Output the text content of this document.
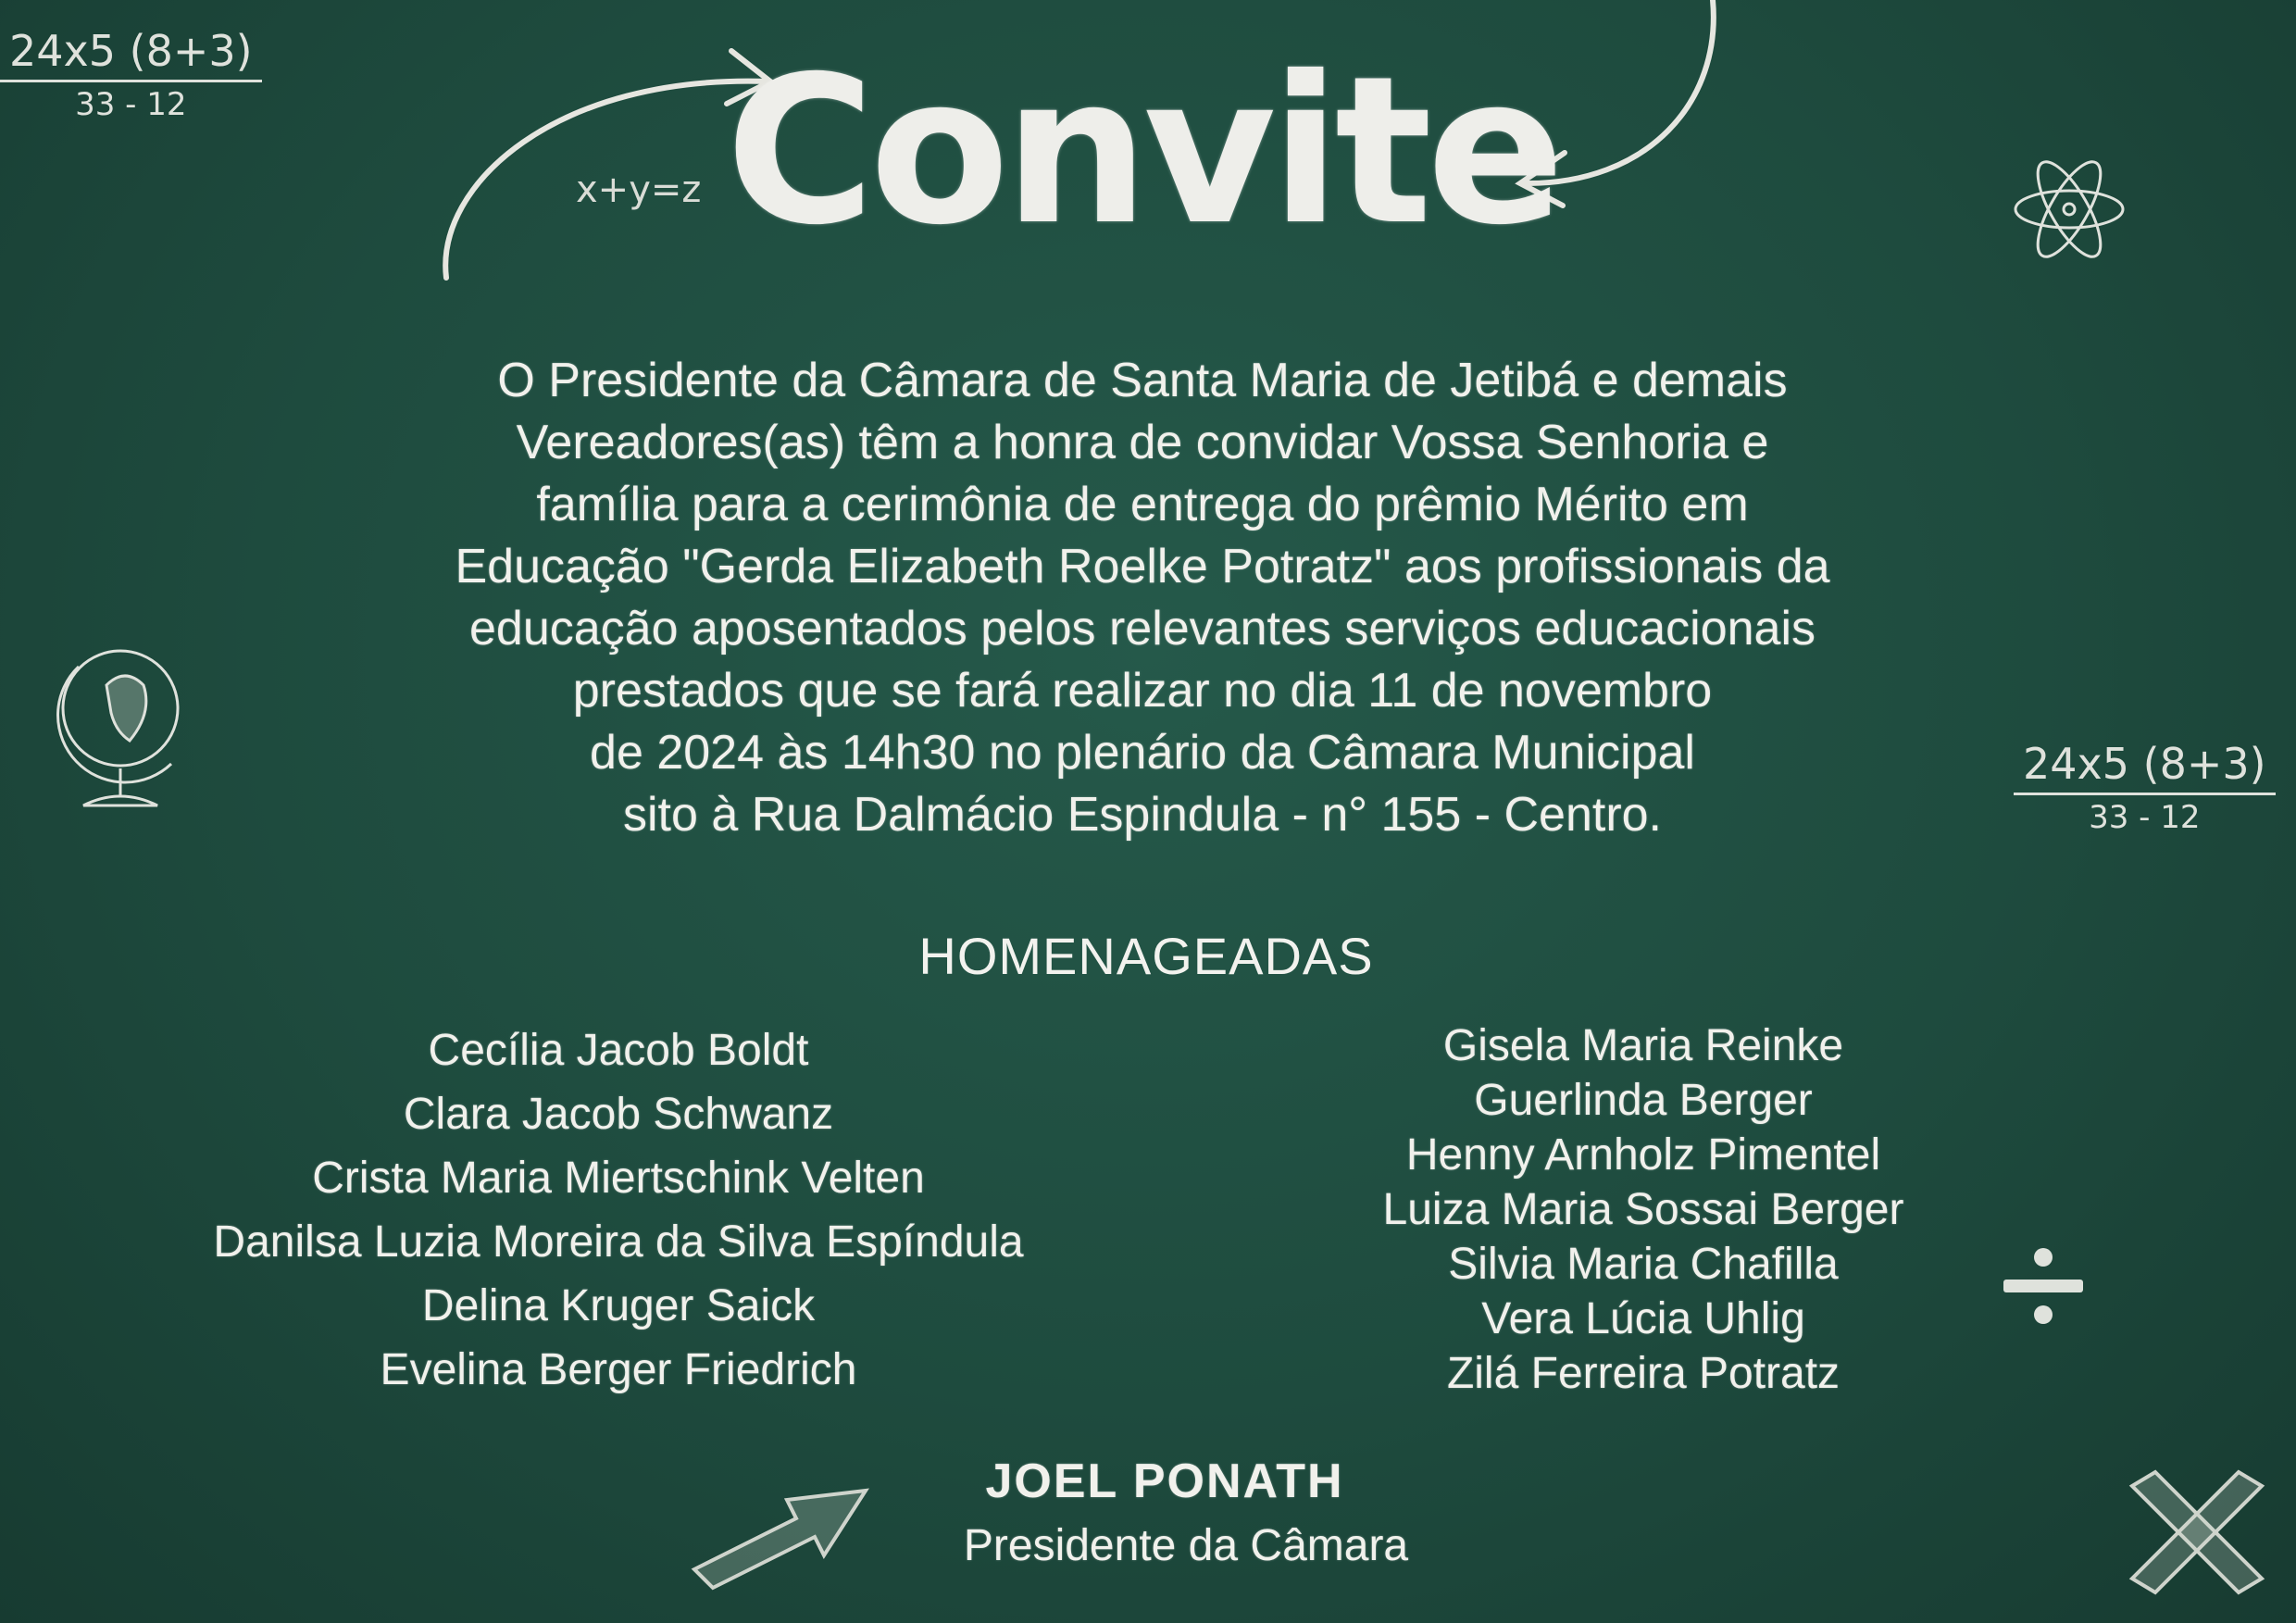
Convite
x+y=z
24x5 (8+3)
33 - 12
24x5 (8+3)
33 - 12
O Presidente da Câmara de Santa Maria de Jetibá e demais
Vereadores(as) têm a honra de convidar Vossa Senhoria e
família para a cerimônia de entrega do prêmio Mérito em
Educação "Gerda Elizabeth Roelke Potratz" aos profissionais da
educação aposentados pelos relevantes serviços educacionais
prestados que se fará realizar no dia 11 de novembro
de 2024 às 14h30 no plenário da Câmara Municipal
sito à Rua Dalmácio Espindula - n° 155 - Centro.
HOMENAGEADAS
Cecília Jacob Boldt
Clara Jacob Schwanz
Crista Maria Miertschink Velten
Danilsa Luzia Moreira da Silva Espíndula
Delina Kruger Saick
Evelina Berger Friedrich
Gisela Maria Reinke
Guerlinda Berger
Henny Arnholz Pimentel
Luiza Maria Sossai Berger
Silvia Maria Chafilla
Vera Lúcia Uhlig
Zilá Ferreira Potratz
JOEL PONATH
Presidente da Câmara
